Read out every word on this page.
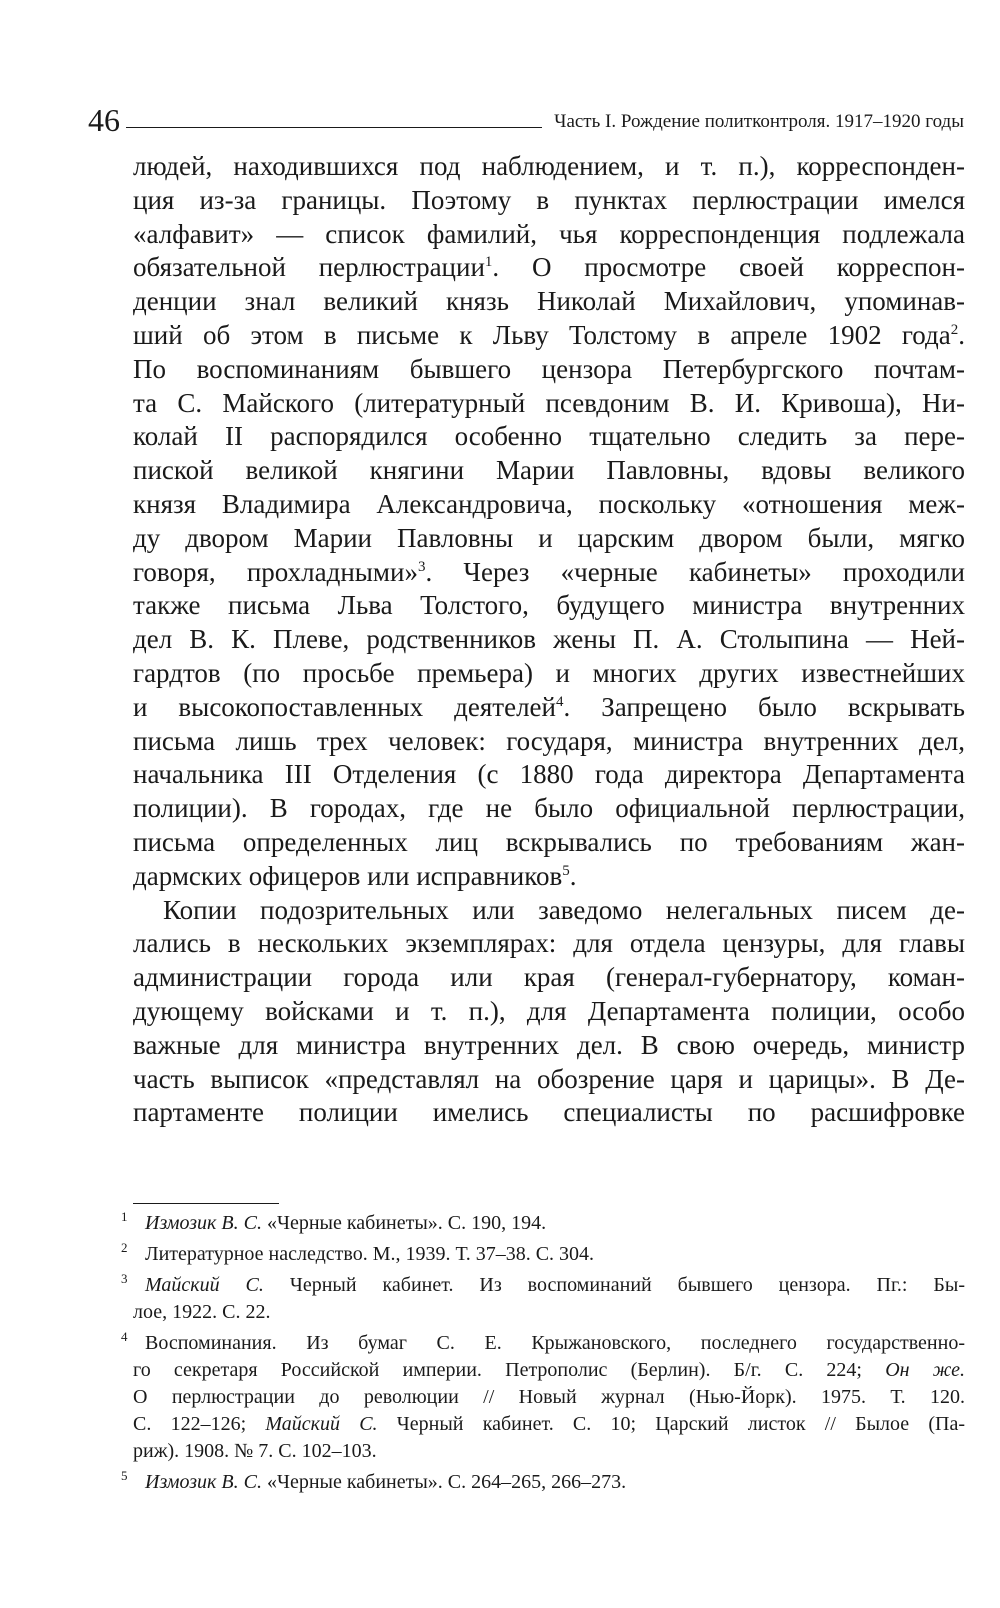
46	Часть I. Рождение политконтроля. 1917–1920 годы
людей, находившихся под наблюдением, и т. п.), корреспонден-
ция из-за границы. Поэтому в пунктах перлюстрации имелся
«алфавит» — список фамилий, чья корреспонденция подлежала
обязательной перлюстрации$^1$. О просмотре своей корреспон-
денции знал великий князь Николай Михайлович, упоминав-
ший об этом в письме к Льву Толстому в апреле 1902 года$^2$.
По воспоминаниям бывшего цензора Петербургского почтам-
та С. Майского (литературный псевдоним В. И. Кривоша), Ни-
колай II распорядился особенно тщательно следить за пере-
пиской великой княгини Марии Павловны, вдовы великого
князя Владимира Александровича, поскольку «отношения меж-
ду двором Марии Павловны и царским двором были, мягко
говоря, прохладными»$^3$. Через «черные кабинеты» проходили
также письма Льва Толстого, будущего министра внутренних
дел В. К. Плеве, родственников жены П. А. Столыпина — Ней-
гардтов (по просьбе премьера) и многих других известнейших
и высокопоставленных деятелей$^4$. Запрещено было вскрывать
письма лишь трех человек: государя, министра внутренних дел,
начальника III Отделения (с 1880 года директора Департамента
полиции). В городах, где не было официальной перлюстрации,
письма определенных лиц вскрывались по требованиям жан-
дармских офицеров или исправников$^5$.
Копии подозрительных или заведомо нелегальных писем де-
лались в нескольких экземплярах: для отдела цензуры, для главы
администрации города или края (генерал-губернатору, коман-
дующему войсками и т. п.), для Департамента полиции, особо
важные для министра внутренних дел. В свою очередь, министр
часть выписок «представлял на обозрение царя и царицы». В Де-
партаменте полиции имелись специалисты по расшифровке
1 Измозик В. С. «Черные кабинеты». С. 190, 194.
2 Литературное наследство. М., 1939. Т. 37–38. С. 304.
3 Майский С. Черный кабинет. Из воспоминаний бывшего цензора. Пг.: Бы-
лое, 1922. С. 22.
4 Воспоминания. Из бумаг С. Е. Крыжановского, последнего государственно-
го секретаря Российской империи. Петрополис (Берлин). Б/г. С. 224; Он же.
О перлюстрации до революции // Новый журнал (Нью-Йорк). 1975. Т. 120.
С. 122–126; Майский С. Черный кабинет. С. 10; Царский листок // Былое (Па-
риж). 1908. № 7. С. 102–103.
5 Измозик В. С. «Черные кабинеты». С. 264–265, 266–273.
